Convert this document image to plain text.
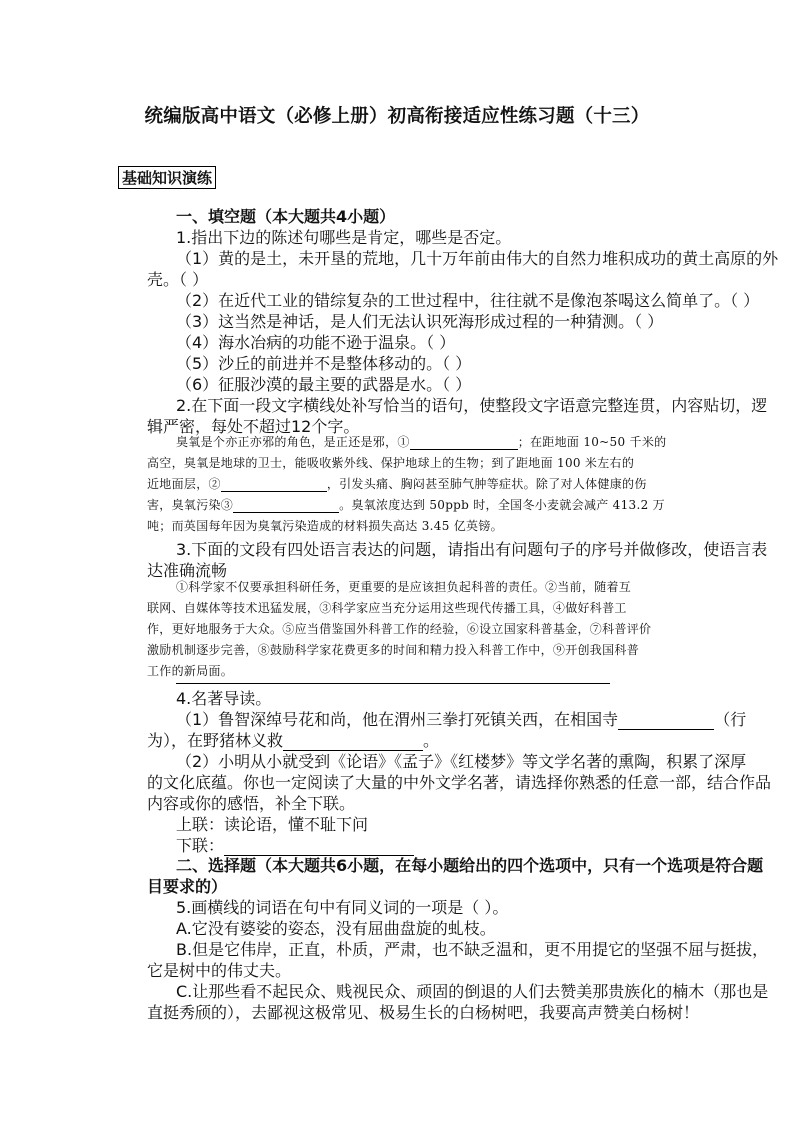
统编版高中语文（必修上册）初高衔接适应性练习题（十三）
基础知识演练
一、填空题（本大题共4小题）
1.指出下边的陈述句哪些是肯定，哪些是否定。
（1）黄的是土，未开垦的荒地，几十万年前由伟大的自然力堆积成功的黄土高原的外
壳。（ ）
（2）在近代工业的错综复杂的工世过程中，往往就不是像泡茶喝这么简单了。（ ）
（3）这当然是神话，是人们无法认识死海形成过程的一种猜测。（ ）
（4）海水冶病的功能不逊于温泉。（ ）
（5）沙丘的前进并不是整体移动的。（ ）
（6）征服沙漠的最主要的武器是水。（ ）
2.在下面一段文字横线处补写恰当的语句，使整段文字语意完整连贯，内容贴切，逻
辑严密，每处不超过12个字。
臭氧是个亦正亦邪的角色，是正还是邪，①	；在距地面 10~50 千米的
高空，臭氧是地球的卫士，能吸收紫外线、保护地球上的生物；到了距地面 100 米左右的
近地面层，②	，引发头痛、胸闷甚至肺气肿等症状。除了对人体健康的伤
害，臭氧污染③	。臭氧浓度达到 50ppb 时，全国冬小麦就会减产 413.2 万
吨；而英国每年因为臭氧污染造成的材料损失高达 3.45 亿英镑。
3.下面的文段有四处语言表达的问题，请指出有问题句子的序号并做修改，使语言表
达准确流畅
①科学家不仅要承担科研任务，更重要的是应该担负起科普的责任。②当前，随着互
联网、自媒体等技术迅猛发展，③科学家应当充分运用这些现代传播工具，④做好科普工
作，更好地服务于大众。⑤应当借鉴国外科普工作的经验，⑥设立国家科普基金，⑦科普评价
激励机制逐步完善，⑧鼓励科学家花费更多的时间和精力投入科普工作中，⑨开创我国科普
工作的新局面。
4.名著导读。
（1）鲁智深绰号花和尚，他在渭州三拳打死镇关西，在相国寺	（行
为），在野猪林义救	。
（2）小明从小就受到《论语》《孟子》《红楼梦》等文学名著的熏陶，积累了深厚
的文化底蕴。你也一定阅读了大量的中外文学名著，请选择你熟悉的任意一部，结合作品
内容或你的感悟，补全下联。
上联：读论语，懂不耻下问
下联：
二、选择题（本大题共6小题，在每小题给出的四个选项中，只有一个选项是符合题
目要求的）
5.画横线的词语在句中有同义词的一项是（ ）。
A.它没有婆娑的姿态，没有屈曲盘旋的虬枝。
B.但是它伟岸，正直，朴质，严肃，也不缺乏温和，更不用提它的坚强不屈与挺拔，
它是树中的伟丈夫。
C.让那些看不起民众、贱视民众、顽固的倒退的人们去赞美那贵族化的楠木（那也是
直挺秀颀的），去鄙视这极常见、极易生长的白杨树吧，我要高声赞美白杨树！
